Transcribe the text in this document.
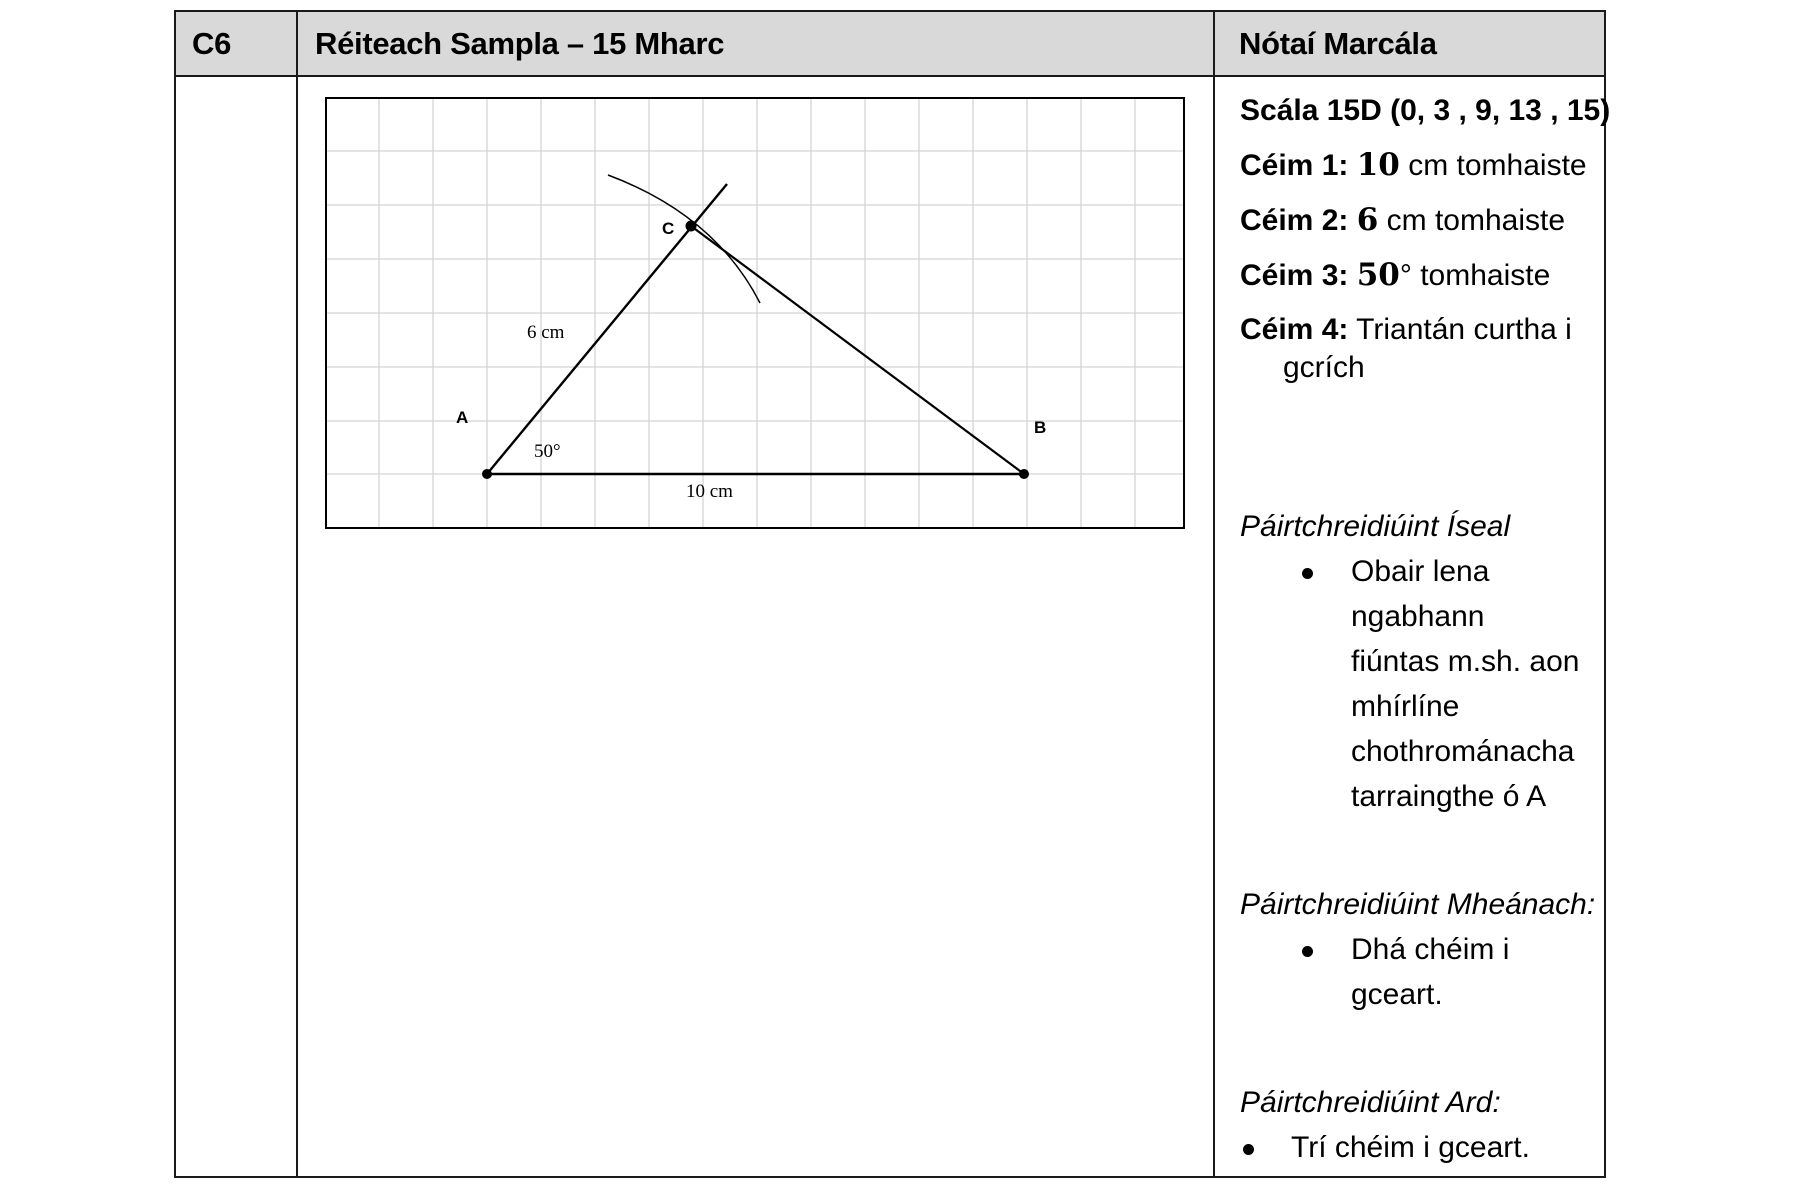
C6	Réiteach Sampla – 15 Mharc	Nótaí Marcála
A
B
C
6 cm
10 cm
50°
Scála 15D (0, 3 , 9, 13 , 15)
Céim 1: 10 cm tomhaiste
Céim 2: 6 cm tomhaiste
Céim 3: 50° tomhaiste
Céim 4: Triantán curtha i
gcrích
Páirtchreidiúint Íseal
Obair lena ngabhann
fiúntas m.sh. aon
mhírlíne
chothrománacha
tarraingthe ó A
Páirtchreidiúint Mheánach:
Dhá chéim i gceart.
Páirtchreidiúint Ard:
Trí chéim i gceart.
